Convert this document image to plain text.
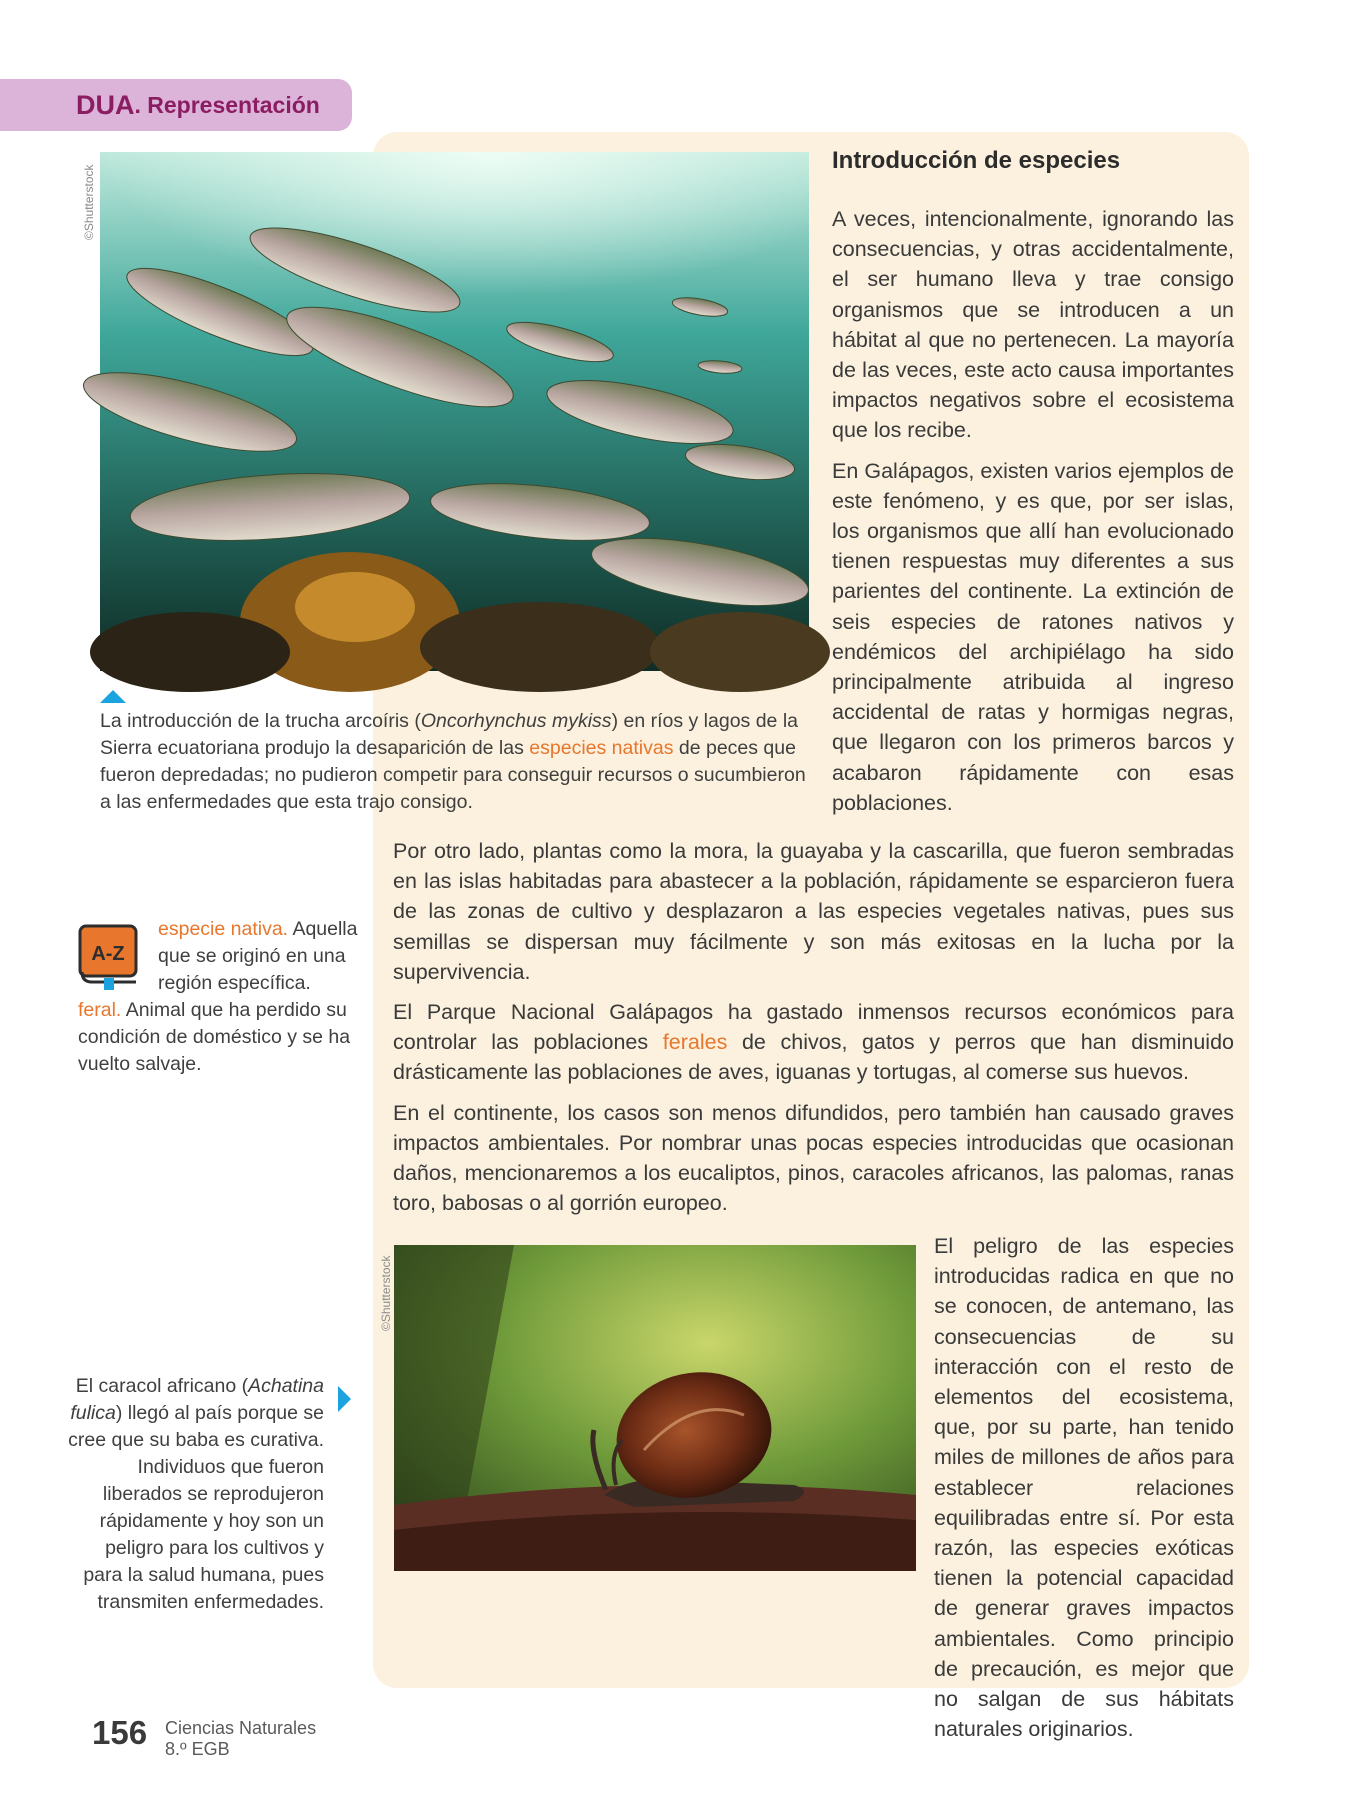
DUA . Representación
©Shutterstock
©Shutterstock
La introducción de la trucha arcoíris (Oncorhynchus mykiss) en ríos y lagos de la Sierra ecuatoriana produjo la desaparición de las especies nativas de peces que fueron depredadas; no pudieron competir para conseguir recursos o sucumbieron a las enfermedades que esta trajo consigo.
Introducción de especies

A veces, intencionalmente, ignorando las consecuencias, y otras accidentalmente, el ser humano lleva y trae consigo organismos que se introducen a un hábitat al que no pertenecen. La mayoría de las veces, este acto causa importantes impactos negativos sobre el ecosistema que los recibe.

En Galápagos, existen varios ejemplos de este fenómeno, y es que, por ser islas, los organismos que allí han evolucionado tienen respuestas muy diferentes a sus parientes del continente. La extinción de seis especies de ratones nativos y endémicos del archipiélago ha sido principalmente atribuida al ingreso accidental de ratas y hormigas negras, que llegaron con los primeros barcos y acabaron rápidamente con esas poblaciones.

Por otro lado, plantas como la mora, la guayaba y la cascarilla, que fueron sembradas en las islas habitadas para abastecer a la población, rápidamente se esparcieron fuera de las zonas de cultivo y desplazaron a las especies vegetales nativas, pues sus semillas se dispersan muy fácilmente y son más exitosas en la lucha por la supervivencia.

El Parque Nacional Galápagos ha gastado inmensos recursos económicos para controlar las poblaciones ferales de chivos, gatos y perros que han disminuido drásticamente las poblaciones de aves, iguanas y tortugas, al comerse sus huevos.

En el continente, los casos son menos difundidos, pero también han causado graves impactos ambientales. Por nombrar unas pocas especies introducidas que ocasionan daños, mencionaremos a los eucaliptos, pinos, caracoles africanos, las palomas, ranas toro, babosas o al gorrión europeo.

A-Z
especie nativa. Aquella que se originó en una región específica.
feral. Animal que ha perdido su condición de doméstico y se ha vuelto salvaje.

El peligro de las especies introducidas radica en que no se conocen, de antemano, las consecuencias de su interacción con el resto de elementos del ecosistema, que, por su parte, han tenido miles de millones de años para establecer relaciones equilibradas entre sí. Por esta razón, las especies exóticas tienen la potencial capacidad de generar graves impactos ambientales. Como principio de precaución, es mejor que no salgan de sus hábitats naturales originarios.

El caracol africano (Achatina fulica) llegó al país porque se cree que su baba es curativa. Individuos que fueron liberados se reprodujeron rápidamente y hoy son un peligro para los cultivos y para la salud humana, pues transmiten enfermedades.
156 Ciencias Naturales
8.º EGB
